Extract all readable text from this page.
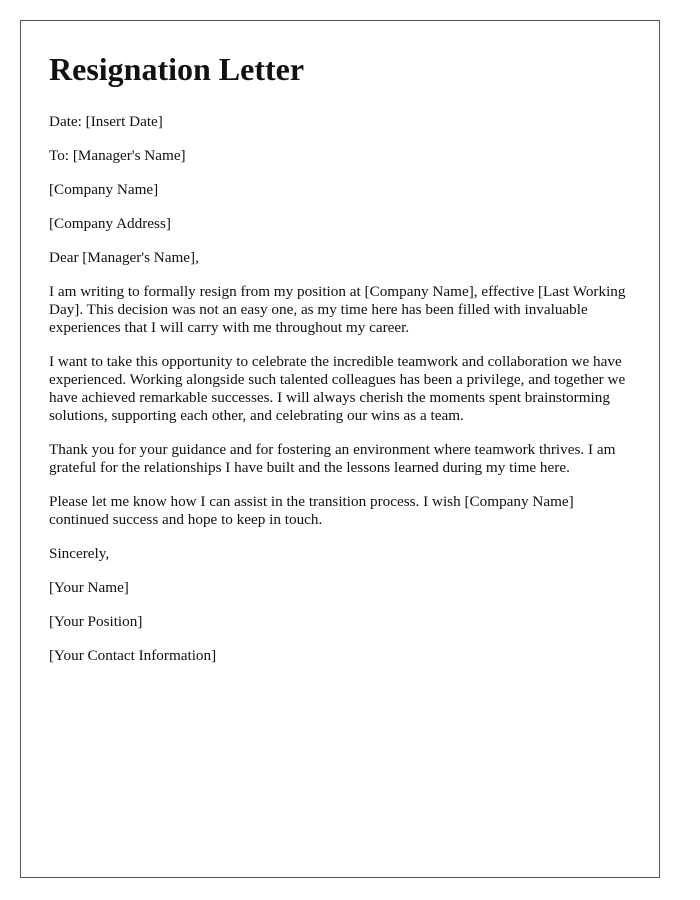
Resignation Letter

Date: [Insert Date]

To: [Manager's Name]

[Company Name]

[Company Address]

Dear [Manager's Name],

I am writing to formally resign from my position at [Company Name], effective [Last Working Day]. This decision was not an easy one, as my time here has been filled with invaluable experiences that I will carry with me throughout my career.

I want to take this opportunity to celebrate the incredible teamwork and collaboration we have experienced. Working alongside such talented colleagues has been a privilege, and together we have achieved remarkable successes. I will always cherish the moments spent brainstorming solutions, supporting each other, and celebrating our wins as a team.

Thank you for your guidance and for fostering an environment where teamwork thrives. I am grateful for the relationships I have built and the lessons learned during my time here.

Please let me know how I can assist in the transition process. I wish [Company Name] continued success and hope to keep in touch.

Sincerely,

[Your Name]

[Your Position]

[Your Contact Information]
